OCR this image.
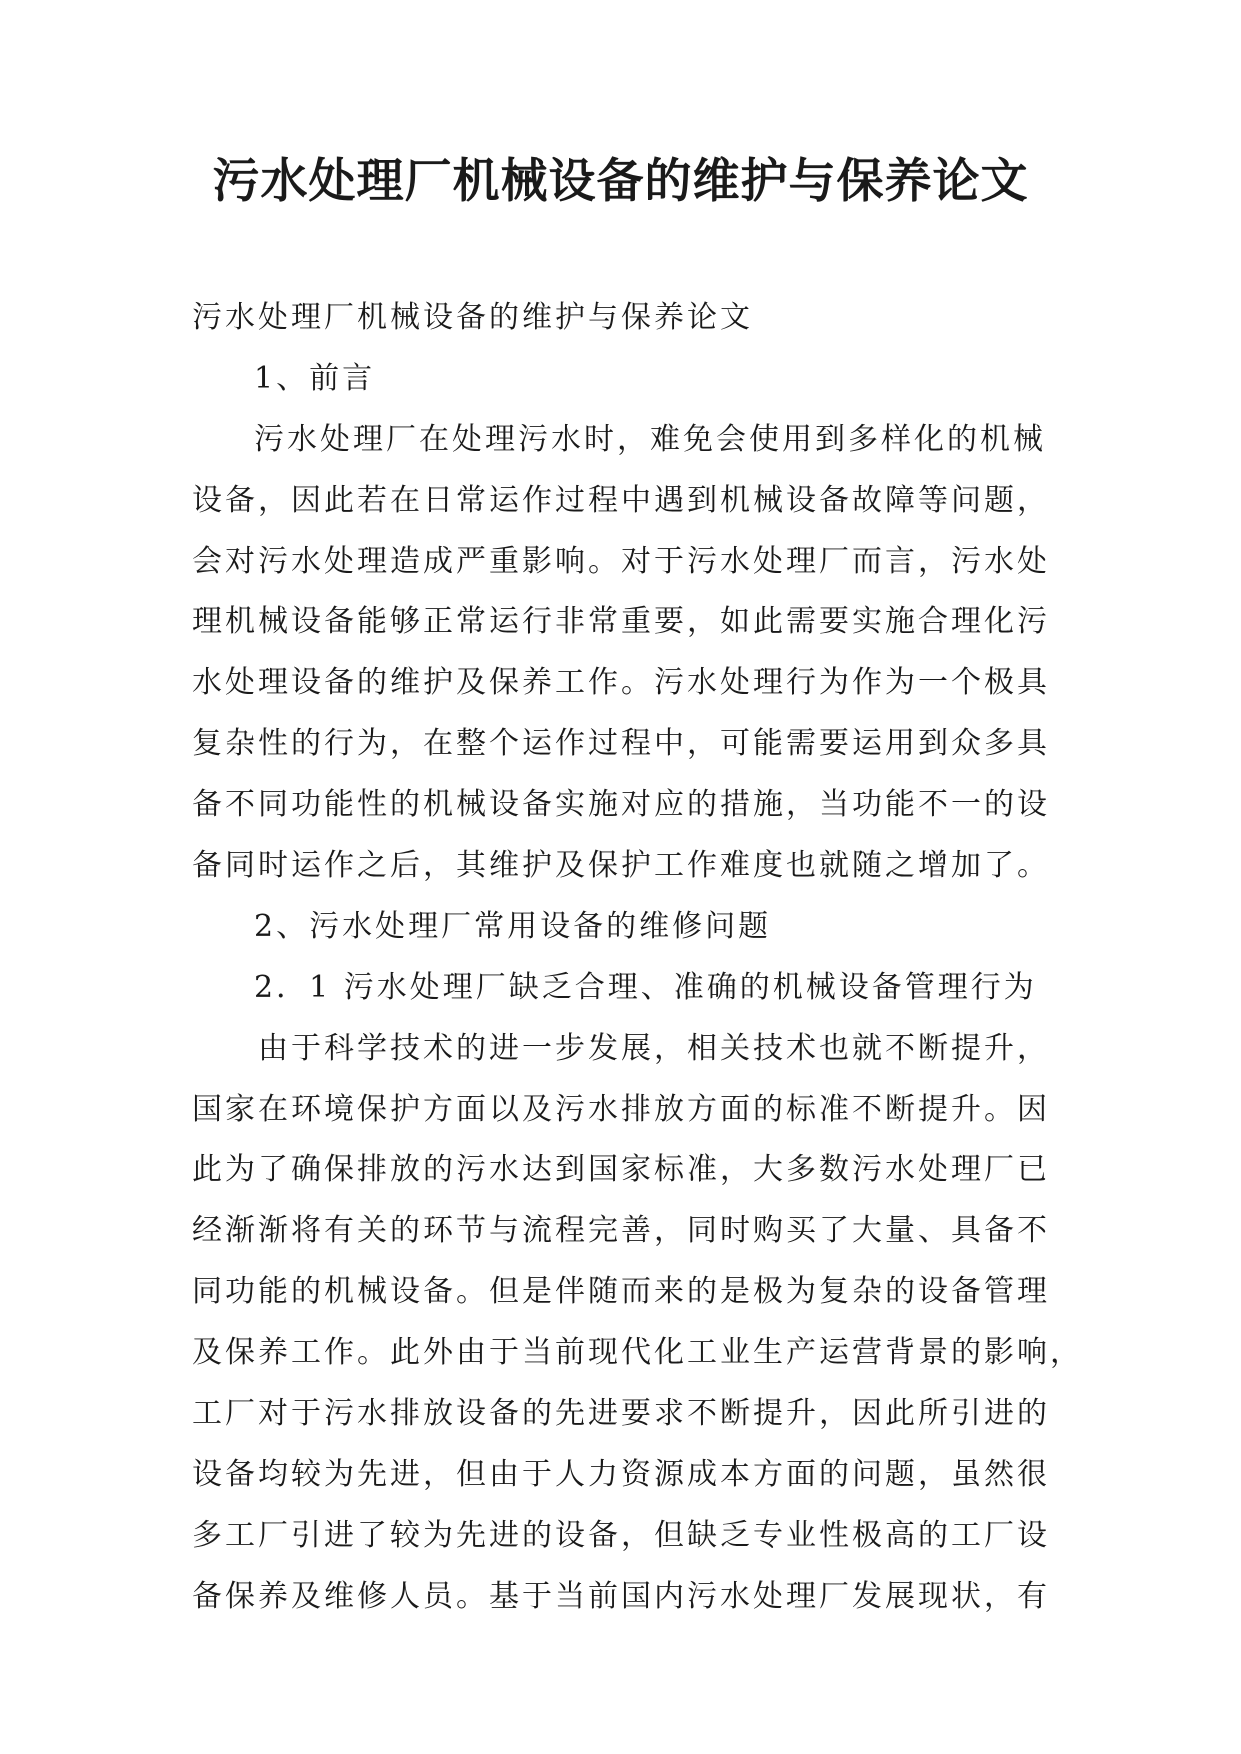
污水处理厂机械设备的维护与保养论文
污水处理厂机械设备的维护与保养论文
1、前言
污水处理厂在处理污水时，难免会使用到多样化的机械
设备，因此若在日常运作过程中遇到机械设备故障等问题，
会对污水处理造成严重影响。对于污水处理厂而言，污水处
理机械设备能够正常运行非常重要，如此需要实施合理化污
水处理设备的维护及保养工作。污水处理行为作为一个极具
复杂性的行为，在整个运作过程中，可能需要运用到众多具
备不同功能性的机械设备实施对应的措施，当功能不一的设
备同时运作之后，其维护及保护工作难度也就随之增加了。
2、污水处理厂常用设备的维修问题
2．1 污水处理厂缺乏合理、准确的机械设备管理行为
由于科学技术的进一步发展，相关技术也就不断提升，
国家在环境保护方面以及污水排放方面的标准不断提升。因
此为了确保排放的污水达到国家标准，大多数污水处理厂已
经渐渐将有关的环节与流程完善，同时购买了大量、具备不
同功能的机械设备。但是伴随而来的是极为复杂的设备管理
及保养工作。此外由于当前现代化工业生产运营背景的影响，
工厂对于污水排放设备的先进要求不断提升，因此所引进的
设备均较为先进，但由于人力资源成本方面的问题，虽然很
多工厂引进了较为先进的设备，但缺乏专业性极高的工厂设
备保养及维修人员。基于当前国内污水处理厂发展现状，有
